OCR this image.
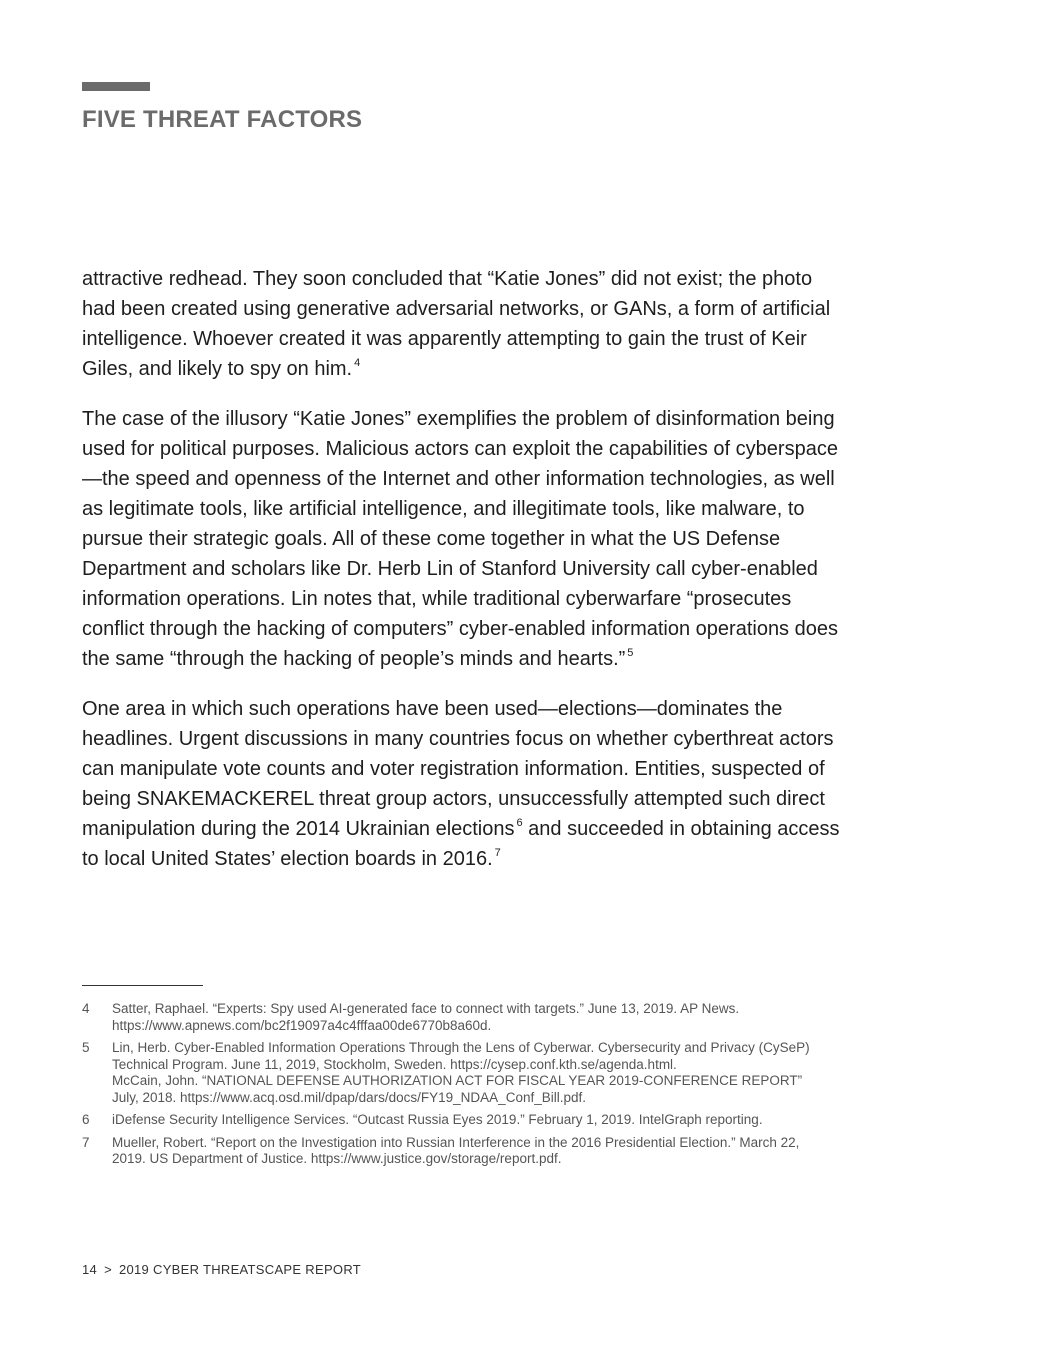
FIVE THREAT FACTORS

attractive redhead. They soon concluded that “Katie Jones” did not exist; the photo had been created using generative adversarial networks, or GANs, a form of artificial intelligence. Whoever created it was apparently attempting to gain the trust of Keir Giles, and likely to spy on him. $^4$

The case of the illusory “Katie Jones” exemplifies the problem of disinformation being used for political purposes. Malicious actors can exploit the capabilities of cyberspace—the speed and openness of the Internet and other information technologies, as well as legitimate tools, like artificial intelligence, and illegitimate tools, like malware, to pursue their strategic goals. All of these come together in what the US Defense Department and scholars like Dr. Herb Lin of Stanford University call cyber-enabled information operations. Lin notes that, while traditional cyberwarfare “prosecutes conflict through the hacking of computers” cyber-enabled information operations does the same “through the hacking of people’s minds and hearts.” $^5$

One area in which such operations have been used—elections—dominates the headlines. Urgent discussions in many countries focus on whether cyberthreat actors can manipulate vote counts and voter registration information. Entities, suspected of being SNAKEMACKEREL threat group actors, unsuccessfully attempted such direct manipulation during the 2014 Ukrainian elections $^6$ and succeeded in obtaining access to local United States’ election boards in 2016. $^7$

4	Satter, Raphael. “Experts: Spy used AI-generated face to connect with targets.” June 13, 2019. AP News. https://www.apnews.com/bc2f19097a4c4fffaa00de6770b8a60d.
5	Lin, Herb. Cyber-Enabled Information Operations Through the Lens of Cyberwar. Cybersecurity and Privacy (CySeP) Technical Program. June 11, 2019, Stockholm, Sweden. https://cysep.conf.kth.se/agenda.html.
McCain, John. “NATIONAL DEFENSE AUTHORIZATION ACT FOR FISCAL YEAR 2019-CONFERENCE REPORT” July, 2018. https://www.acq.osd.mil/dpap/dars/docs/FY19_NDAA_Conf_Bill.pdf.
6	iDefense Security Intelligence Services. “Outcast Russia Eyes 2019.” February 1, 2019. IntelGraph reporting.
7	Mueller, Robert. “Report on the Investigation into Russian Interference in the 2016 Presidential Election.” March 22, 2019. US Department of Justice. https://www.justice.gov/storage/report.pdf.
14 > 2019 CYBER THREATSCAPE REPORT
